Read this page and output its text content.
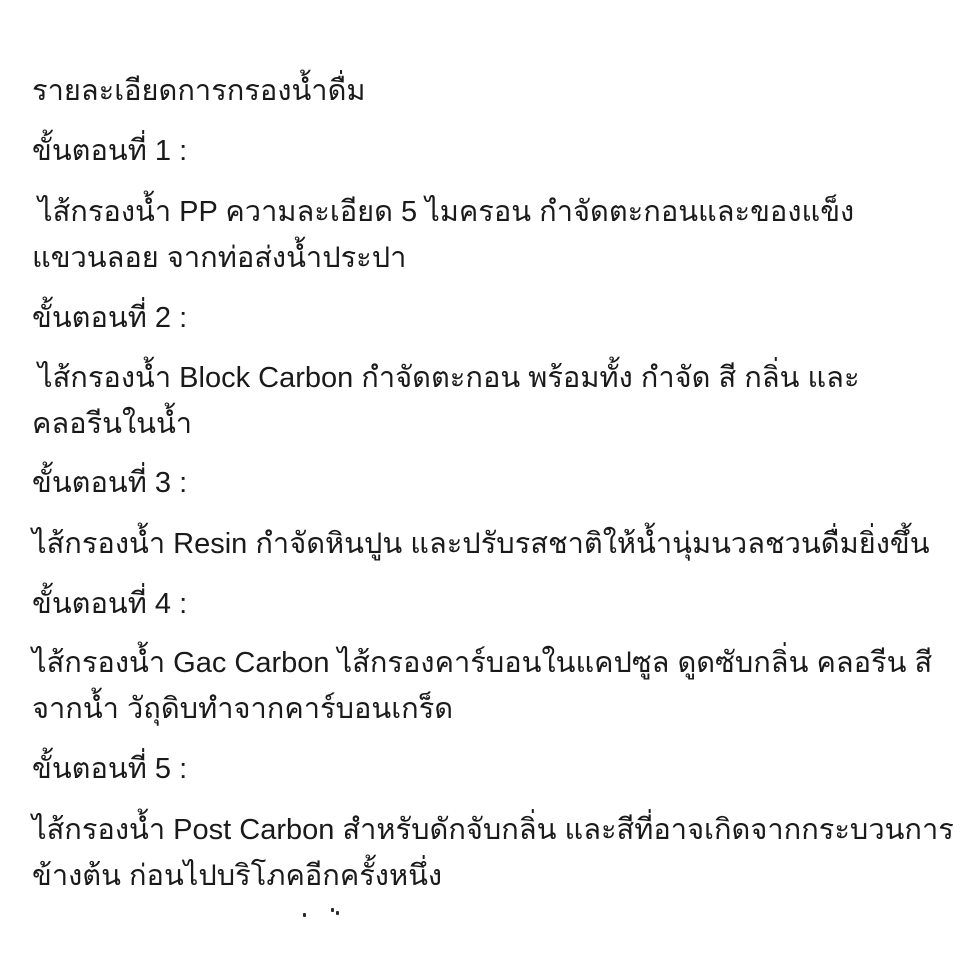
รายละเอียดการกรองน้ำดื่ม
ขั้นตอนที่ 1 :
ไส้กรองน้ำ PP ความละเอียด 5 ไมครอน กำจัดตะกอนและของแข็ง
แขวนลอย จากท่อส่งน้ำประปา
ขั้นตอนที่ 2 :
ไส้กรองน้ำ Block Carbon กำจัดตะกอน พร้อมทั้ง กำจัด สี กลิ่น และ
คลอรีนในน้ำ
ขั้นตอนที่ 3 :
ไส้กรองน้ำ Resin กำจัดหินปูน และปรับรสชาติให้น้ำนุ่มนวลชวนดื่มยิ่งขึ้น
ขั้นตอนที่ 4 :
ไส้กรองน้ำ Gac Carbon ไส้กรองคาร์บอนในแคปซูล ดูดซับกลิ่น คลอรีน สี
จากน้ำ วัถุดิบทำจากคาร์บอนเกร็ด
ขั้นตอนที่ 5 :
ไส้กรองน้ำ Post Carbon สำหรับดักจับกลิ่น และสีที่อาจเกิดจากกระบวนการ
ข้างต้น ก่อนไปบริโภคอีกครั้งหนึ่ง
